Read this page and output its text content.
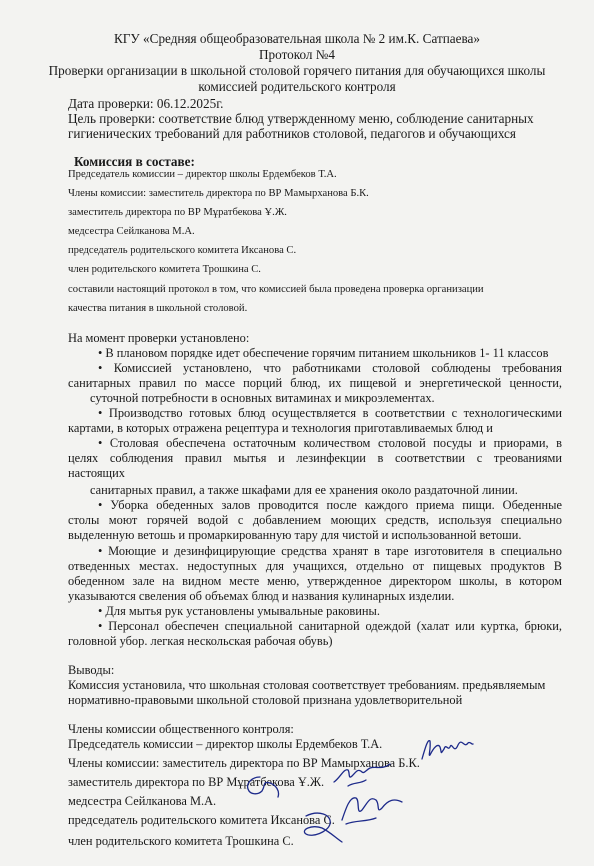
КГУ «Средняя общеобразовательная школа № 2 им.К. Сатпаева»
Протокол №4
Проверки организации в школьной столовой горячего питания для обучающихся школы
комиссией родительского контроля
Дата проверки: 06.12.2025г.
Цель проверки: соответствие блюд утвержденному меню, соблюдение санитарных
гигиенических требований для работников столовой, педагогов и обучающихся
Комиссия в составе:
Председатель комиссии – директор школы Ердембеков Т.А.
Члены комиссии: заместитель директора по ВР Мамырханова Б.К.
заместитель директора по ВР Мұратбекова Ұ.Ж.
медсестра Сейлканова М.А.
председатель родительского комитета Иксанова С.
член родительского комитета Трошкина С.
составили настоящий протокол в том, что комиссией была проведена проверка организации
качества питания в школьной столовой.
На момент проверки установлено:
• В плановом порядке идет обеспечение горячим питанием школьников 1- 11 классов
• Комиссией установлено, что работниками столовой соблюдены требования
санитарных правил по массе порций блюд, их пищевой и энергетической ценности,
суточной потребности в основных витаминах и микроэлементах.
• Производство готовых блюд осуществляется в соответствии с технологическими
картами, в которых отражена рецептура и технология приготавливаемых блюд и
• Столовая обеспечена остаточным количеством столовой посуды и приорами, в
целях соблюдения правил мытья и лезинфекции в соответствии с треованиями
настоящих
санитарных правил, а также шкафами для ее хранения около раздаточной линии.
• Уборка обеденных залов проводится после каждого приема пищи. Обеденные
столы моют горячей водой с добавлением моющих средств, используя специально
выделенную ветошь и промаркированную тару для чистой и использованной ветоши.
• Моющие и дезинфицирующие средства хранят в таре изготовителя в специально
отведенных местах. недоступных для учащихся, отдельно от пищевых продуктов В
обеденном зале на видном месте меню, утвержденное директором школы, в котором
указываются свеления об объемах блюд и названия кулинарных изделии.
• Для мытья рук установлены умывальные раковины.
• Персонал обеспечен специальной санитарной одеждой (халат или куртка, брюки,
головной убор. легкая нескольская рабочая обувь)
Выводы:
Комиссия установила, что школьная столовая соответствует требованиям. предьявляемым
нормативно-правовыми школьной столовой признана удовлетворительной
Члены комиссии общественного контроля:
Председатель комиссии – директор школы Ердембеков Т.А.
Члены комиссии: заместитель директора по ВР Мамырханова Б.К.
заместитель директора по ВР Мұратбекова Ұ.Ж.
медсестра Сейлканова М.А.
председатель родительского комитета Иксанова С.
член родительского комитета Трошкина С.
